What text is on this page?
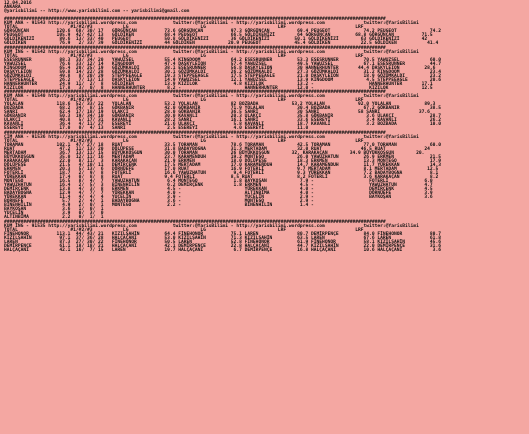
12.04.2016
ANKARA
@yarisbilimi -- http://www.yarisbilimi.com -- yarisbilimi@gmail.com

##########################################################################################################################################
KUM ANA - 91543 http://yarisbilimi.wordpress.com             twitter:@YarisBilimi - http://yarisbilimi.wordpress.com              twitter:@YarisBilimi
TOTAL                   #1/#2/#3           LG                          LG                          LRF                         LRF
GÖRGÜNCAN          120.6  68/ 30/ 17   GÖRGÜNCAN          73.6 GÖRGÜNCAN          97.3 GÖRGÜNCAN          69.4 PEUGEOT            74.2 PEUGEOT            74.2
PEUGEOT            105.9  42/ 42/ 13   GÖLDİKEN           68.4 PEUGEOT            66.5 GÖLDİKENİZİ        64 GÖRGÜNCAN         68.8 GÖRGÜNCAN          71.5
GÖLDİKENİZİ         89.6  13/ 33/ 40   PEUGEOT            50.8 GÖLDİKENİZİ        36 GÖLDİKENİZİ         50.1 GÖLDİKENİZİ        63 GÖLDİKENİZİ        42
GÖLDİKEN            76.9   2/ 33/ 39   GÖLDİKENİZİ        44 GÖLDİKEN            20.9 PEUGEOT            45.4 GÖLDİKEN           22.5 GÖLDİKEN           41.4
##########################################################################################################################################
KUM İNG - 91542 http://yarisbilimi.wordpress.com             twitter:@YarisBilimi - http://yarisbilimi.wordpress.com              twitter:@YarisBilimi
TOTAL                   #1/#2/#3           LG                          LG                          LRF                         LRF
ESESRUNNER          88.3  33/ 34/ 20   YAWUZSEL           55.4 KINGDOOM           64.2 ESESRUNNER         53.3 ESESRUNNER         70.5 YAWUZSEL           60.0
YAWUZSEL            76.6  33/ 12/ 14   KINGDOOM           47.4 DAŞKYLEION         57.4 YAWUZSEL           49.5 YAWUZSEL           67.1 ESESRUNNER         44.7
KINGDOOM            65.4  20/ 25/ 19   GÖZÜMKALDI         38.1 ESESRUNNER         56.8 DAŞKYLEION         30 HANNERHUNTER       44.4 DAŞKYLEION         28.6
DAŞKYLEION          59.8  14/ 22/ 28   GÖZÜMKALDI         30.1 GÖZÜMKALDI         26.2 GÖZÜMKALDI         27.3 GÖZÜMKALDI         31.2 KINGDOOM           23.4
GÖZÜMKALDI          49.8   8/ 20/ 29   STEPPEEAGLE        19.3 STEPPEEAGLE        17.5 STEPPEEAGLE        21.0 DAŞKYLEION         18.9 GÖZÜMKALDI         23.2
STEPPEEAGLE         26.2   7/ 13/ 13   DAŞKYLEION         14.9 YAWUZSEL           12.1 YAWUZSEL           13.9 KINGDOOM            4.5 STEPPEEAGLE        20.6
HANNERHUNTER        24.9  11/  2/  8   GÖLDİKEN           13.9 KIZILOK             4.8 KIZILOK            13.2 -                    HANNERHUNTER       17.1
KIZILOK             17.8   3/  0/  8   HANNERHUNTER        8.2 -                       HANNERHUNTER       12.0 -                    KIZILOK            12.5
##########################################################################################################################################
KUM ANA - 91540 http://yarisbilimi.wordpress.com             twitter:@YarisBilimi - http://yarisbilimi.wordpress.com              twitter:@YarisBilimi
TOTAL                   #1/#2/#3           LG                          LG                          LRF                         LRF
YOLALAN            118.6  52/ 33/ 22   YOLALAN            53.2 YOLALAN            82 BOZBADA            53.2 YOLALAN            92.0 YOLALAN            89.3
BOZBADA             68.2  34/  8/ 15   GÖKBANIR           42.0 GÖKBANIR           71.9 YOLALAN            30.4 BOZBADA            67.2 GÖKBANIR           38.5
SANRI               62.4  17/ 18/ 19   ULAKÇI             28.0 GÖKBANIR           36.5 SANRI              30 SANRI              58 SANRI              37.6
GÖKBANIR            50.3  19/ 34/ 10   GÖKBANIR           30.0 KAVANLI            20.3 ULAKÇI             35.8 GÖKBANIR            3.6 ULAKÇI             28.7
ULAKÇI              40.8   5/ 17/ 31   KAVANLI            28.2 SANRI              16.1 SANRI              33.6 ESEREYİ             3.4 KAVANLI            26.2
KAVANLI             36.4   4/ 11/ 27   ESEREYİ            21.6 ULAKÇI              5.8 KAVANLI            18.7 KAVANLI             3.2 BOZBADA            10.0
ESEREYİ             17.0   0/  4/ 13   SANRI               2.5 ESEREYİ             4.0 ESEREYİ            11.0
##########################################################################################################################################
CIM ANA - 91536 http://yarisbilimi.wordpress.com             twitter:@YarisBilimi - http://yarisbilimi.wordpress.com              twitter:@YarisBilimi
TOTAL                   #1/#2/#3           LG                          LG                          LRF                         LRF
TORAMAN            102.1  47/ 27/ 18   RUAT               33.5 TORAMAN            78.6 TORAMAN            42.5 TORAMAN            77.0 TORAMAN            60.0
RUAT                47.2  11/ 13/ 20   DÖLÜPEŞE           31.8 BADAYBOGNA         31.3 MERTADAM           32.0 RUAT              46.5 RUAT              24
MERTADAM            36.7  13/ 11/ 15   BÜYÜKKOŞGUN        30.0 TORAMAN            26 BÜYÜKKOŞGUN        32. KARAKAÇAN        34.9 BÜYÜKKOŞGUN        20.
BÜYÜKKOŞGUN         35.0  12/ 11/ 16   MERTADAM           23.7 KARAMENDUH         19.2 MONTEGO            26.0 YAWUZHATUN         26.9 ERKMEN             21.5
KARAKAÇAN           22.0   8/ 11/  3   KARAKAÇAN          21.9 ERKMEN             18.0 DÖLÜPEŞE           18.3 ERKMEN             13.3 MONTEGO            17.9
DÖLÜPEŞE            21.5   4/ 10/ 11   DEMİRÇENK          17.5 MERTADAM           17.0 KARAMENDUH         14.7 KARAMENDUH         11.7 YÜREKKAN           14.3
ERKMEN              20.3   5/ 13/  6   DÖRNÜEFE           17.0 RUAT               16.9 FOTERLİ            9.7 MERTADAM            8.1 MERTADAM           12.5
FOTERLİ             18.7   2/  9/  8   FOTERLİ            16.6 YAWUZHATUN          9.4 FOTERLİ            9.3 YÜREKKAN            7.2 BADAYBOGNA          8.1
YÜREKKAN            17.4   0/  8/  8   RUAT               9.4 FOTERLİ             8.5 RUAT                8.2 FOTERLİ             3.6 KARAKAÇAN           8.2
MONTEGO             16.5   8/  4/  7   YAWUZHATUN          6.4 MONTEGO             1.8 BAYKOŞAN            7.9 -                    FOTERLİ             6.0
YAWUZHATUN          16.4   2/  5/  3   BİNENHİLİN          6.2 DEMİRÇENK           1.8 ERKMEN              4.5 -                    YAWUZHATUN          4.7
DEMİRÇENK           13.8   4/  3/  8   ERKMEN              4.5 -                       YÜREKKAN            4.0 -                    DEMİRÇENK           4.5
BADAYBOGNA          12.9   4/  7/  7   YÜREKKAN            4.0 -                       ALTINBİMA           4.0 -                    DÖRNÜEFE            3.9
YÜREKKAN            11.4   4/  4/  4   YUCELİN             3.9 -                       YUCELİN             2.9 -                    BAYKOŞAN            3.6
BORNEFE              5.7   2/  4/  1   BADAYBOGNA          3.6 -                       MONTEGO             2.9 -
BİNENHİLİN           4.9   2/  0/  1   MONTEGO             2.2 -                       BİNENHİLİN          1.4 -
BAYKOŞAN             3.6   1/  0/  1
YUCELİN              3.9   0/  3/  0
ALTINBİMA            2.2   0/  1/  1
##########################################################################################################################################
KUM İNG - 91535 http://yarisbilimi.wordpress.com             twitter:@YarisBilimi - http://yarisbilimi.wordpress.com              twitter:@YarisBilimi
TOTAL                   #1/#2/#3           LG                          LG                          LRF                         LRF
FİNEHONOR          113.1  44/ 43/ 21   KIZILŞAHİN         64.4 FİNEHONOR          75.1 LAREN              80.7 DEMİRPENÇE         84.0 FİNEHONOR          80.7
KIZILŞAHİN          97.1  37/ 36/ 28   HALÇAÇANI          53.0 KIZILŞAHİN         71.3 KIZILŞAHİN         63.5 LAREN              67.6 LAREN              61.8
LAREN               87.3  27/ 30/ 22   FİNEHONOR          50.5 LAREN              52.8 FİNEHONOR          61.9 FİNEHONOR          58.1 KIZILŞAHİN         45.6
DEMİRPENÇE          61.1  18/ 18/ 21   HALÇAÇANI          42.1 DEMİRPENÇE         22.8 HALÇAÇANI          44.7 KIZILŞAHİN         22.0 DEMİRPENÇE         31.6
HALÇAÇANI           42.1  16/  7/ 15   LAREN              19.7 HALÇAÇANI           6.7 DEMİRPENÇE         16.8 HALÇAÇANI          10.6 HALÇAÇANI           3.6
